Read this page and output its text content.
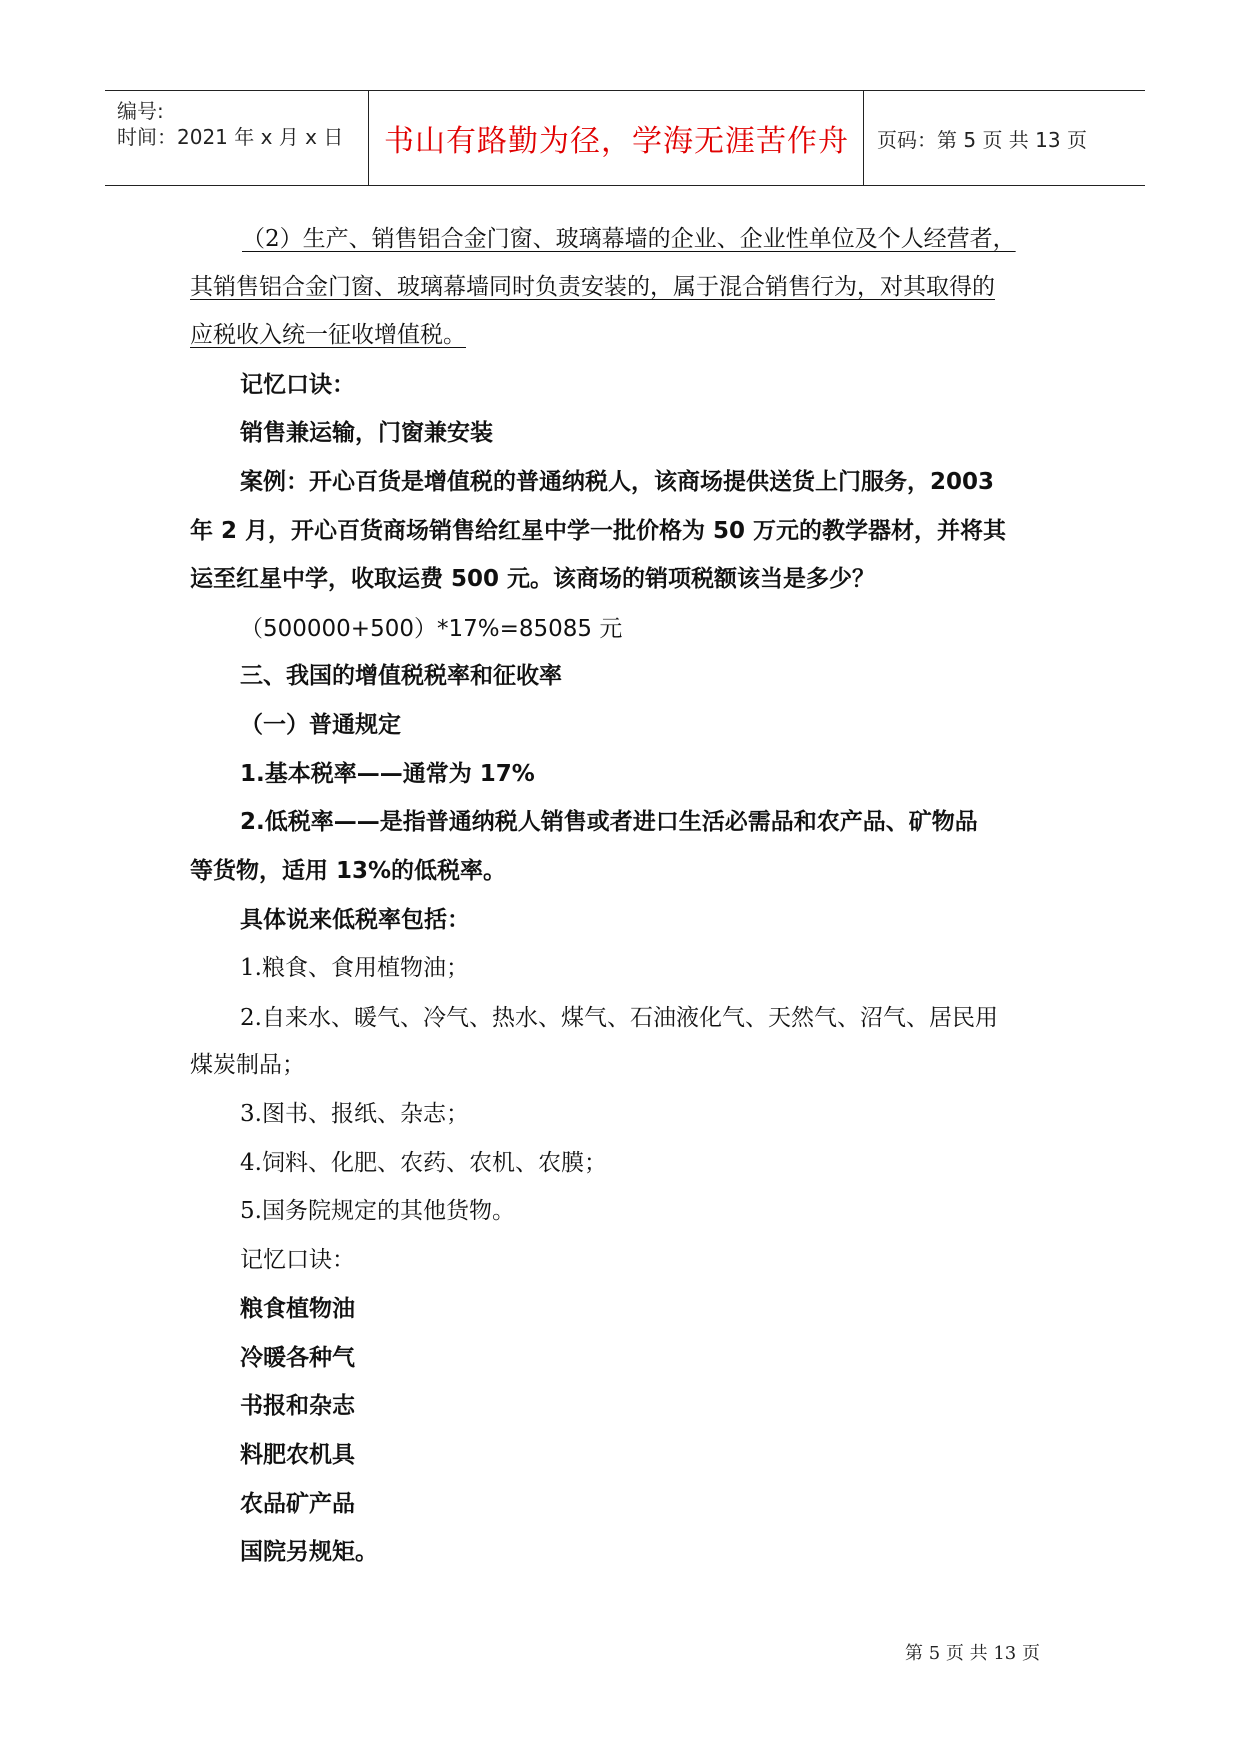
编号:
时间：2021 年 x 月 x 日 书山有路勤为径，学海无涯苦作舟	页码：第 5 页 共 13 页
（2）生产、销售铝合金门窗、玻璃幕墙的企业、企业性单位及个人经营者，
其销售铝合金门窗、玻璃幕墙同时负责安装的，属于混合销售行为，对其取得的
应税收入统一征收增值税。
记忆口诀：
销售兼运输，门窗兼安装
案例：开心百货是增值税的普通纳税人，该商场提供送货上门服务，2003
年 2 月，开心百货商场销售给红星中学一批价格为 50 万元的教学器材，并将其
运至红星中学，收取运费 500 元。该商场的销项税额该当是多少？
（500000+500）*17%=85085 元
三、我国的增值税税率和征收率
（一）普通规定
1.基本税率——通常为 17%
2.低税率——是指普通纳税人销售或者进口生活必需品和农产品、矿物品
等货物，适用 13%的低税率。
具体说来低税率包括：
1.粮食、食用植物油；
2.自来水、暖气、冷气、热水、煤气、石油液化气、天然气、沼气、居民用
煤炭制品；
3.图书、报纸、杂志；
4.饲料、化肥、农药、农机、农膜；
5.国务院规定的其他货物。
记忆口诀：
粮食植物油
冷暖各种气
书报和杂志
料肥农机具
农品矿产品
国院另规矩。
第 5 页 共 13 页
